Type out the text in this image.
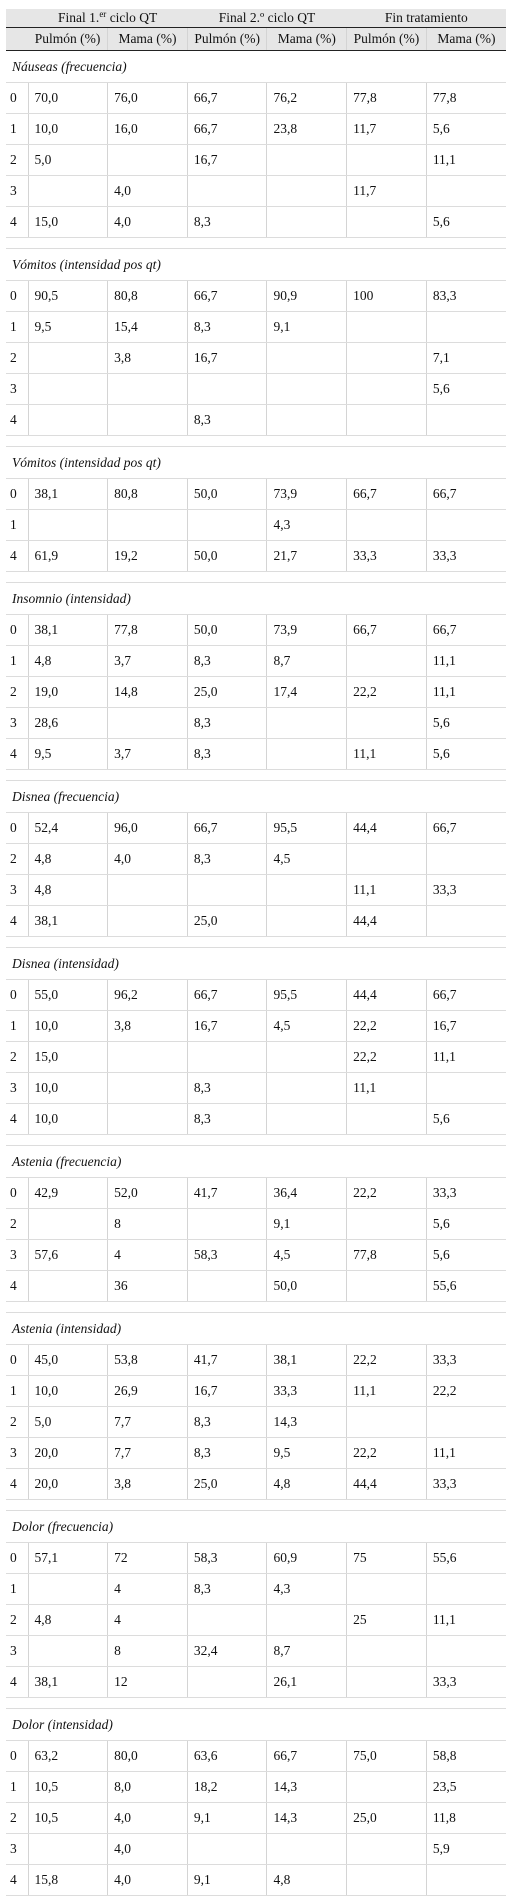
	Final 1.$^{er}$ ciclo QT		Final 2.º ciclo QT		Fin tratamiento	
	Pulmón (%)	Mama (%)	Pulmón (%)	Mama (%)	Pulmón (%)	Mama (%)
Náuseas (frecuencia)						
0	70,0	76,0	66,7	76,2	77,8	77,8
1	10,0	16,0	66,7	23,8	11,7	5,6
2	5,0		16,7			11,1
3		4,0			11,7	
4	15,0	4,0	8,3			5,6

Vómitos (intensidad pos qt)						
0	90,5	80,8	66,7	90,9	100	83,3
1	9,5	15,4	8,3	9,1		
2		3,8	16,7			7,1
3						5,6
4			8,3			

Vómitos (intensidad pos qt)						
0	38,1	80,8	50,0	73,9	66,7	66,7
1				4,3		
4	61,9	19,2	50,0	21,7	33,3	33,3

Insomnio (intensidad)						
0	38,1	77,8	50,0	73,9	66,7	66,7
1	4,8	3,7	8,3	8,7		11,1
2	19,0	14,8	25,0	17,4	22,2	11,1
3	28,6		8,3			5,6
4	9,5	3,7	8,3		11,1	5,6

Disnea (frecuencia)						
0	52,4	96,0	66,7	95,5	44,4	66,7
2	4,8	4,0	8,3	4,5		
3	4,8				11,1	33,3
4	38,1		25,0		44,4	

Disnea (intensidad)						
0	55,0	96,2	66,7	95,5	44,4	66,7
1	10,0	3,8	16,7	4,5	22,2	16,7
2	15,0				22,2	11,1
3	10,0		8,3		11,1	
4	10,0		8,3			5,6

Astenia (frecuencia)						
0	42,9	52,0	41,7	36,4	22,2	33,3
2		8		9,1		5,6
3	57,6	4	58,3	4,5	77,8	5,6
4		36		50,0		55,6

Astenia (intensidad)						
0	45,0	53,8	41,7	38,1	22,2	33,3
1	10,0	26,9	16,7	33,3	11,1	22,2
2	5,0	7,7	8,3	14,3		
3	20,0	7,7	8,3	9,5	22,2	11,1
4	20,0	3,8	25,0	4,8	44,4	33,3

Dolor (frecuencia)						
0	57,1	72	58,3	60,9	75	55,6
1		4	8,3	4,3		
2	4,8	4			25	11,1
3		8	32,4	8,7		
4	38,1	12		26,1		33,3

Dolor (intensidad)						
0	63,2	80,0	63,6	66,7	75,0	58,8
1	10,5	8,0	18,2	14,3		23,5
2	10,5	4,0	9,1	14,3	25,0	11,8
3		4,0				5,9
4	15,8	4,0	9,1	4,8		
